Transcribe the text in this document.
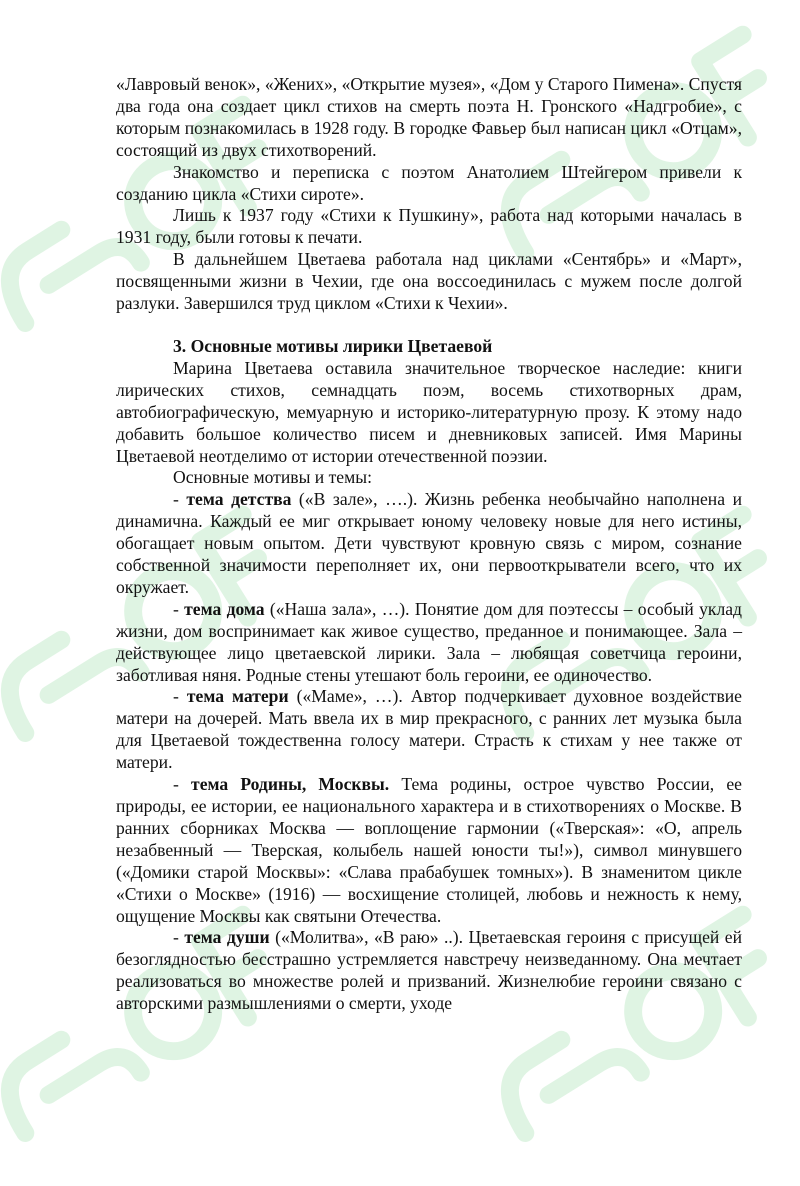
«Лавровый венок», «Жених», «Открытие музея», «Дом у Старого Пимена». Спустя два года она создает цикл стихов на смерть поэта Н. Гронского «Надгробие», с которым познакомилась в 1928 году. В городке Фавьер был написан цикл «Отцам», состоящий из двух стихотворений.

Знакомство и переписка с поэтом Анатолием Штейгером привели к созданию цикла «Стихи сироте».

Лишь к 1937 году «Стихи к Пушкину», работа над которыми началась в 1931 году, были готовы к печати.

В дальнейшем Цветаева работала над циклами «Сентябрь» и «Март», посвященными жизни в Чехии, где она воссоединилась с мужем после долгой разлуки. Завершился труд циклом «Стихи к Чехии».

3. Основные мотивы лирики Цветаевой

Марина Цветаева оставила значительное творческое наследие: книги лирических стихов, семнадцать поэм, восемь стихотворных драм, автобиографическую, мемуарную и историко-литературную прозу. К этому надо добавить большое количество писем и дневниковых записей. Имя Марины Цветаевой неотделимо от истории отечественной поэзии.

Основные мотивы и темы:

- тема детства («В зале», ….). Жизнь ребенка необычайно наполнена и динамична. Каждый ее миг открывает юному человеку новые для него истины, обогащает новым опытом. Дети чувствуют кровную связь с миром, сознание собственной значимости переполняет их, они первооткрыватели всего, что их окружает.

- тема дома («Наша зала», …). Понятие дом для поэтессы – особый уклад жизни, дом воспринимает как живое существо, преданное и понимающее. Зала – действующее лицо цветаевской лирики. Зала – любящая советчица героини, заботливая няня. Родные стены утешают боль героини, ее одиночество.

- тема матери («Маме», …). Автор подчеркивает духовное воздействие матери на дочерей. Мать ввела их в мир прекрасного, с ранних лет музыка была для Цветаевой тождественна голосу матери. Страсть к стихам у нее также от матери.

- тема Родины, Москвы. Тема родины, острое чувство России, ее природы, ее истории, ее национального характера и в стихотворениях о Москве. В ранних сборниках Москва — воплощение гармонии («Тверская»: «О, апрель незабвенный — Тверская, колыбель нашей юности ты!»), символ минувшего («Домики старой Москвы»: «Слава прабабушек томных»). В знаменитом цикле «Стихи о Москве» (1916) — восхищение столицей, любовь и нежность к нему, ощущение Москвы как святыни Отечества.

- тема души («Молитва», «В раю» ..). Цветаевская героиня с присущей ей безоглядностью бесстрашно устремляется навстречу неизведанному. Она мечтает реализоваться во множестве ролей и призваний. Жизнелюбие героини связано с авторскими размышлениями о смерти, уходе
